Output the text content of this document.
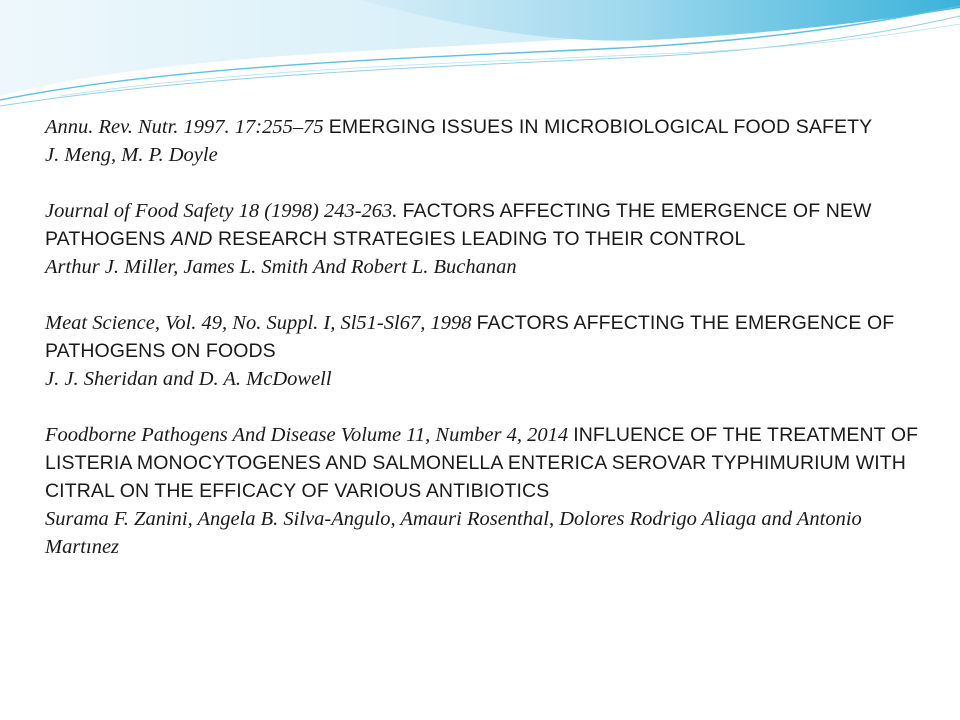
Annu. Rev. Nutr. 1997. 17:255–75 EMERGING ISSUES IN MICROBIOLOGICAL FOOD SAFETY
J. Meng, M. P. Doyle
Journal of Food Safety 18 (1998) 243-263. FACTORS AFFECTING THE EMERGENCE OF NEW PATHOGENS AND RESEARCH STRATEGIES LEADING TO THEIR CONTROL
Arthur J. Miller, James L. Smith And Robert L. Buchanan
Meat Science, Vol. 49, No. Suppl. I, Sl51-Sl67, 1998 FACTORS AFFECTING THE EMERGENCE OF PATHOGENS ON FOODS
J. J. Sheridan and D. A. McDowell
Foodborne Pathogens And Disease Volume 11, Number 4, 2014 INFLUENCE OF THE TREATMENT OF LISTERIA MONOCYTOGENES AND SALMONELLA ENTERICA SEROVAR TYPHIMURIUM WITH CITRAL ON THE EFFICACY OF VARIOUS ANTIBIOTICS
Surama F. Zanini, Angela B. Silva-Angulo, Amauri Rosenthal, Dolores Rodrigo Aliaga and Antonio Martınez
